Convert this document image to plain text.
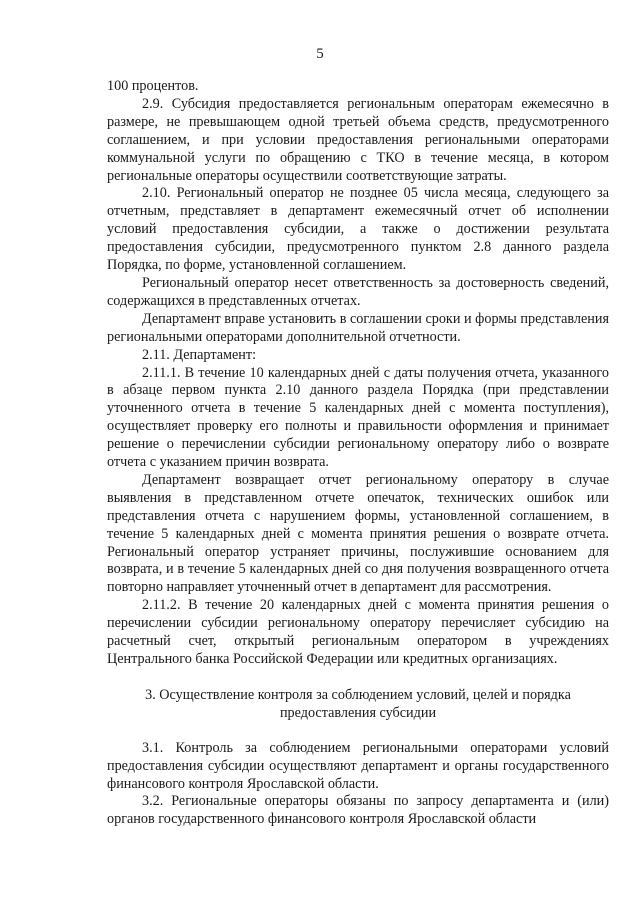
5

100 процентов.

2.9. Субсидия предоставляется региональным операторам ежемесячно в размере, не превышающем одной третьей объема средств, предусмотренного соглашением, и при условии предоставления региональными операторами коммунальной услуги по обращению с ТКО в течение месяца, в котором региональные операторы осуществили соответствующие затраты.

2.10. Региональный оператор не позднее 05 числа месяца, следующего за отчетным, представляет в департамент ежемесячный отчет об исполнении условий предоставления субсидии, а также о достижении результата предоставления субсидии, предусмотренного пунктом 2.8 данного раздела Порядка, по форме, установленной соглашением.

Региональный оператор несет ответственность за достоверность сведений, содержащихся в представленных отчетах.

Департамент вправе установить в соглашении сроки и формы представления региональными операторами дополнительной отчетности.

2.11. Департамент:

2.11.1. В течение 10 календарных дней с даты получения отчета, указанного в абзаце первом пункта 2.10 данного раздела Порядка (при представлении уточненного отчета в течение 5 календарных дней с момента поступления), осуществляет проверку его полноты и правильности оформления и принимает решение о перечислении субсидии региональному оператору либо о возврате отчета с указанием причин возврата.

Департамент возвращает отчет региональному оператору в случае выявления в представленном отчете опечаток, технических ошибок или представления отчета с нарушением формы, установленной соглашением, в течение 5 календарных дней с момента принятия решения о возврате отчета. Региональный оператор устраняет причины, послужившие основанием для возврата, и в течение 5 календарных дней со дня получения возвращенного отчета повторно направляет уточненный отчет в департамент для рассмотрения.

2.11.2. В течение 20 календарных дней с момента принятия решения о перечислении субсидии региональному оператору перечисляет субсидию на расчетный счет, открытый региональным оператором в учреждениях Центрального банка Российской Федерации или кредитных организациях.

3. Осуществление контроля за соблюдением условий, целей и порядка предоставления субсидии

3.1. Контроль за соблюдением региональными операторами условий предоставления субсидии осуществляют департамент и органы государственного финансового контроля Ярославской области.

3.2. Региональные операторы обязаны по запросу департамента и (или) органов государственного финансового контроля Ярославской области
